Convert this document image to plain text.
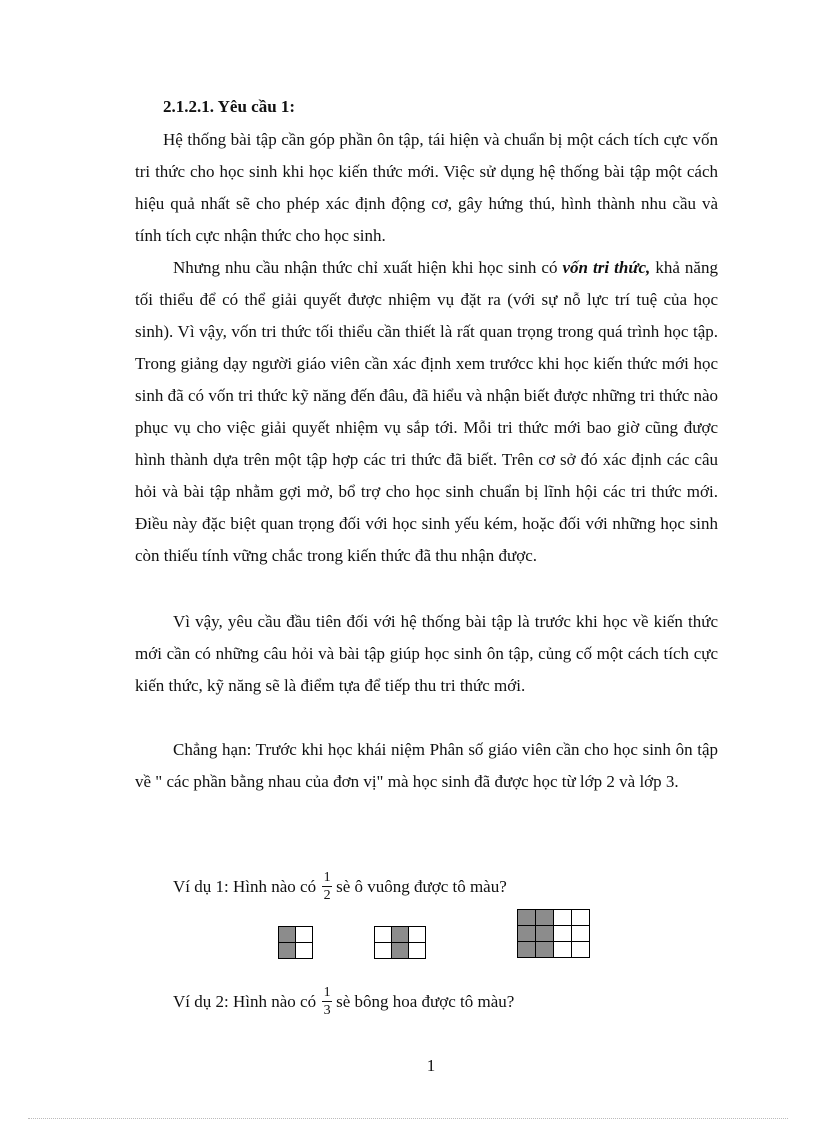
2.1.2.1. Yêu cầu 1:

Hệ thống bài tập cần góp phần ôn tập, tái hiện và chuẩn bị một cách tích cực vốn tri thức cho học sinh khi học kiến thức mới. Việc sử dụng hệ thống bài tập một cách hiệu quả nhất sẽ cho phép xác định động cơ, gây hứng thú, hình thành nhu cầu và tính tích cực nhận thức cho học sinh.

Nhưng nhu cầu nhận thức chỉ xuất hiện khi học sinh có vốn tri thức, khả năng tối thiểu để có thể giải quyết được nhiệm vụ đặt ra (với sự nỗ lực trí tuệ của học sinh). Vì vậy, vốn tri thức tối thiểu cần thiết là rất quan trọng trong quá trình học tập. Trong giảng dạy người giáo viên cần xác định xem trướcc khi học kiến thức mới học sinh đã có vốn tri thức kỹ năng đến đâu, đã hiểu và nhận biết được những tri thức nào phục vụ cho việc giải quyết nhiệm vụ sắp tới. Mỗi tri thức mới bao giờ cũng được hình thành dựa trên một tập hợp các tri thức đã biết. Trên cơ sở đó xác định các câu hỏi và bài tập nhằm gợi mở, bổ trợ cho học sinh chuẩn bị lĩnh hội các tri thức mới. Điều này đặc biệt quan trọng đối với học sinh yếu kém, hoặc đối với những học sinh còn thiếu tính vững chắc trong kiến thức đã thu nhận được.

Vì vậy, yêu cầu đầu tiên đối với hệ thống bài tập là trước khi học về kiến thức mới cần có những câu hỏi và bài tập giúp học sinh ôn tập, củng cố một cách tích cực kiến thức, kỹ năng sẽ là điểm tựa để tiếp thu tri thức mới.

Chẳng hạn: Trước khi học khái niệm Phân số giáo viên cần cho học sinh ôn tập về " các phần bằng nhau của đơn vị" mà học sinh đã được học từ lớp 2 và lớp 3.

Ví dụ 1: Hình nào có $\frac{1}{2}$ sè ô vuông được tô màu?

Ví dụ 2: Hình nào có $\frac{1}{3}$ sè bông hoa được tô màu?
1
